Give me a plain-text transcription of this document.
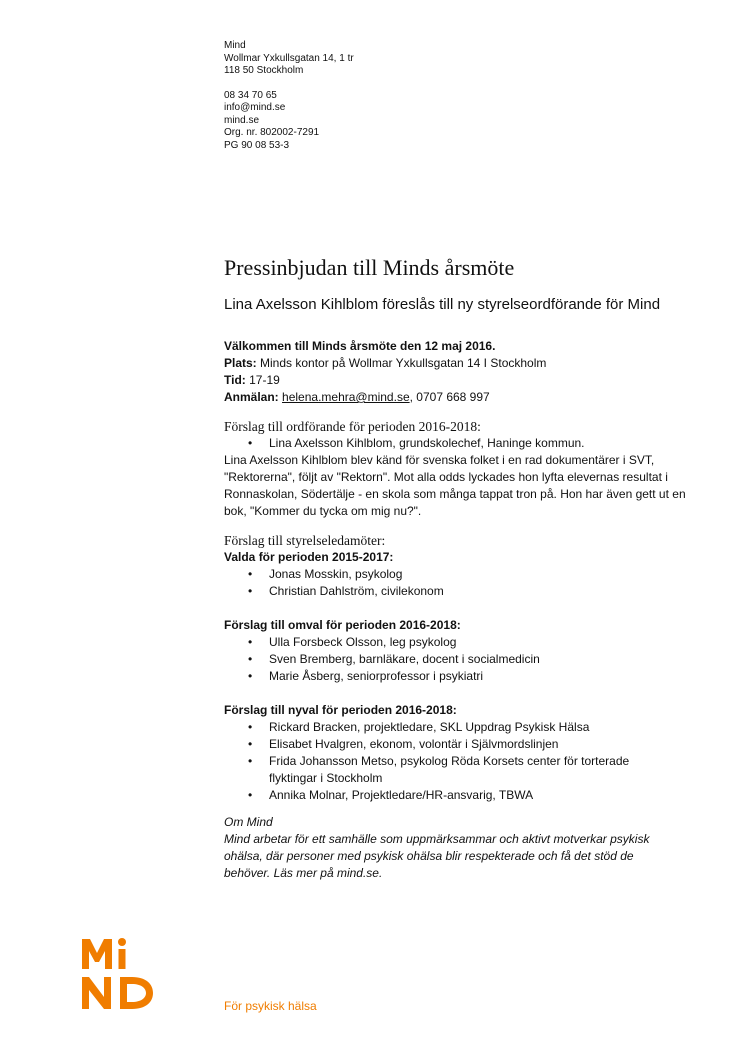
Mind
Wollmar Yxkullsgatan 14, 1 tr
118 50 Stockholm
08 34 70 65
info@mind.se
mind.se
Org. nr. 802002-7291
PG 90 08 53-3
Pressinbjudan till Minds årsmöte
Lina Axelsson Kihlblom föreslås till ny styrelseordförande för Mind

Välkommen till Minds årsmöte den 12 maj 2016.

Plats: Minds kontor på Wollmar Yxkullsgatan 14 I Stockholm

Tid: 17-19

Anmälan: helena.mehra@mind.se, 0707 668 997

Förslag till ordförande för perioden 2016-2018:

• Lina Axelsson Kihlblom, grundskolechef, Haninge kommun.

Lina Axelsson Kihlblom blev känd för svenska folket i en rad dokumentärer i SVT, "Rektorerna", följt av "Rektorn". Mot alla odds lyckades hon lyfta elevernas resultat i Ronnaskolan, Södertälje - en skola som många tappat tron på. Hon har även gett ut en bok, "Kommer du tycka om mig nu?".

Förslag till styrelseledamöter:

Valda för perioden 2015-2017:

• Jonas Mosskin, psykolog
• Christian Dahlström, civilekonom

Förslag till omval för perioden 2016-2018:

• Ulla Forsbeck Olsson, leg psykolog
• Sven Bremberg, barnläkare, docent i socialmedicin
• Marie Åsberg, seniorprofessor i psykiatri

Förslag till nyval för perioden 2016-2018:

• Rickard Bracken, projektledare, SKL Uppdrag Psykisk Hälsa
• Elisabet Hvalgren, ekonom, volontär i Självmordslinjen
• Frida Johansson Metso, psykolog Röda Korsets center för torterade flyktingar i Stockholm
• Annika Molnar, Projektledare/HR-ansvarig, TBWA

Om Mind

Mind arbetar för ett samhälle som uppmärksammar och aktivt motverkar psykisk ohälsa, där personer med psykisk ohälsa blir respekterade och få det stöd de behöver. Läs mer på mind.se.

För psykisk hälsa
